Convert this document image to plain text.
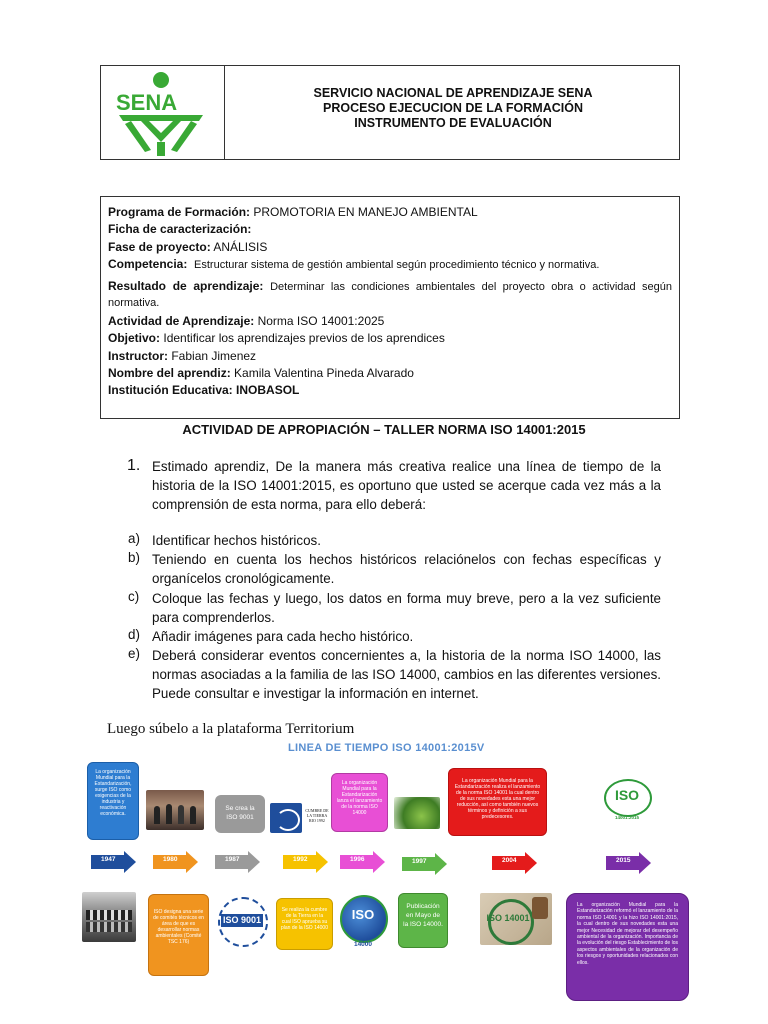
SENA	SERVICIO NACIONAL DE APRENDIZAJE SENA
PROCESO EJECUCION DE LA FORMACIÓN
INSTRUMENTO DE EVALUACIÓN
Programa de Formación: PROMOTORIA EN MANEJO AMBIENTAL
Ficha de caracterización:
Fase de proyecto: ANÁLISIS
Competencia: Estructurar sistema de gestión ambiental según procedimiento técnico y normativa.
Resultado de aprendizaje: Determinar las condiciones ambientales del proyecto obra o actividad según normativa.
Actividad de Aprendizaje: Norma ISO 14001:2025
Objetivo: Identificar los aprendizajes previos de los aprendices
Instructor: Fabian Jimenez
Nombre del aprendiz: Kamila Valentina Pineda Alvarado
Institución Educativa: INOBASOL
ACTIVIDAD DE APROPIACIÓN – TALLER NORMA ISO 14001:2015
1. Estimado aprendiz, De la manera más creativa realice una línea de tiempo de la historia de la ISO 14001:2015, es oportuno que usted se acerque cada vez más a la comprensión de esta norma, para ello deberá:
a) Identificar hechos históricos.
b) Teniendo en cuenta los hechos históricos relaciónelos con fechas específicas y organícelos cronológicamente.
c) Coloque las fechas y luego, los datos en forma muy breve, pero a la vez suficiente para comprenderlos.
d) Añadir imágenes para cada hecho histórico.
e) Deberá considerar eventos concernientes a, la historia de la norma ISO 14000, las normas asociadas a la familia de las ISO 14000, cambios en las diferentes versiones. Puede consultar e investigar la información en internet.
Luego súbelo a la plataforma Territorium
LINEA DE TIEMPO ISO 14001:2015V
La organización Mundial para la Estandarización, surge ISO como exigencias de la industria y reactivación económica.
Se crea la ISO 9001
CUMBRE DE LA TIERRA RIO 1992
La organización Mundial para la Estandarización lanza el lanzamiento de la norma ISO 14000
La organización Mundial para la Estandarización realiza el lanzamiento de la norma ISO 14001 la cual dentro de sus novedades esta una mejor reducción, así como también nuevos términos y definición a sus predecesores.
ISO
14001:2015
1947	1980	1987	1992	1996	1997	2004	2015
ISO designa una serie de comités técnicos en área de que es desarrollar normas ambientales (Comité TSC 176)
ISO 9001
Se realiza la cumbre de la Tierra en la cual ISO aprueba su plan de la ISO 14000
ISO
14000
Publicación en Mayo de la ISO 14000.
ISO 14001
La organización Mundial para la Estandarización reformó el lanzamiento de la norma ISO 14001 y la hizo ISO 14001:2015, la cual dentro de sus novedades esta una mejor Necesidad de mejorar del desempeño ambiental de la organización. Importancia de la evolución del riesgo Establecimiento de los aspectos ambientales de la organización de los riesgos y oportunidades relacionados con ellos.
